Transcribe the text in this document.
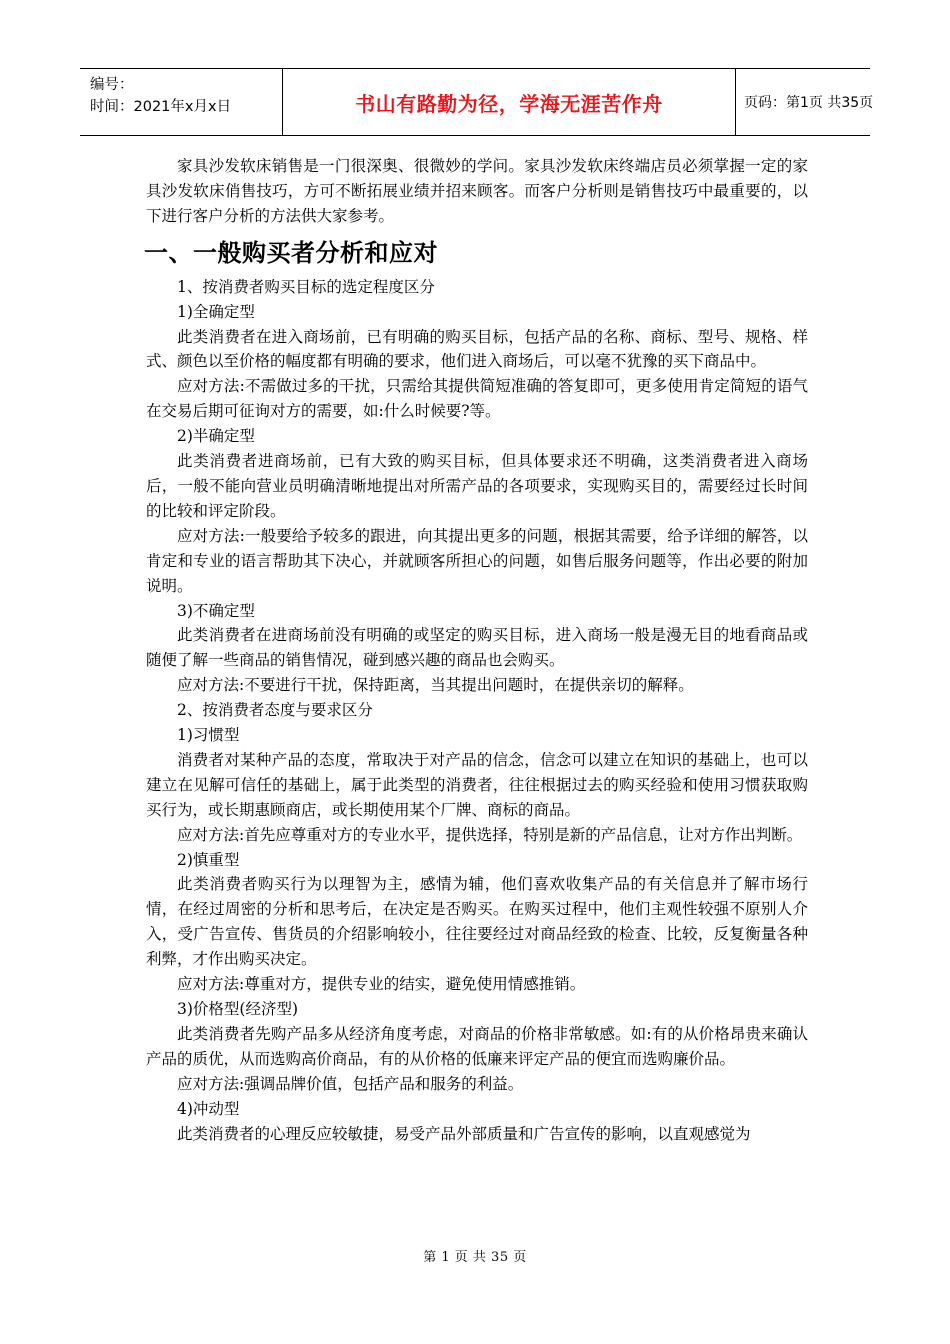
编号：
时间：2021年x月x日	书山有路勤为径，学海无涯苦作舟	页码：第1页 共35页

家具沙发软床销售是一门很深奥、很微妙的学问。家具沙发软床终端店员必须掌握一定的家具沙发软床俏售技巧，方可不断拓展业绩并招来顾客。而客户分析则是销售技巧中最重要的，以下进行客户分析的方法供大家参考。

一、一般购买者分析和应对

1、按消费者购买目标的选定程度区分

1)全确定型

此类消费者在进入商场前，已有明确的购买目标，包括产品的名称、商标、型号、规格、样式、颜色以至价格的幅度都有明确的要求，他们进入商场后，可以毫不犹豫的买下商品中。

应对方法:不需做过多的干扰，只需给其提供简短准确的答复即可，更多使用肯定简短的语气在交易后期可征询对方的需要，如:什么时候要?等。

2)半确定型

此类消费者进商场前，已有大致的购买目标，但具体要求还不明确，这类消费者进入商场后，一般不能向营业员明确清晰地提出对所需产品的各项要求，实现购买目的，需要经过长时间的比较和评定阶段。

应对方法:一般要给予较多的跟进，向其提出更多的问题，根据其需要，给予详细的解答，以肯定和专业的语言帮助其下决心，并就顾客所担心的问题，如售后服务问题等，作出必要的附加说明。

3)不确定型

此类消费者在进商场前没有明确的或坚定的购买目标，进入商场一般是漫无目的地看商品或随便了解一些商品的销售情况，碰到感兴趣的商品也会购买。

应对方法:不要进行干扰，保持距离，当其提出问题时，在提供亲切的解释。

2、按消费者态度与要求区分

1)习惯型

消费者对某种产品的态度，常取决于对产品的信念，信念可以建立在知识的基础上，也可以建立在见解可信任的基础上，属于此类型的消费者，往往根据过去的购买经验和使用习惯获取购买行为，或长期惠顾商店，或长期使用某个厂牌、商标的商品。

应对方法:首先应尊重对方的专业水平，提供选择，特别是新的产品信息，让对方作出判断。

2)慎重型

此类消费者购买行为以理智为主，感情为辅，他们喜欢收集产品的有关信息并了解市场行情，在经过周密的分析和思考后，在决定是否购买。在购买过程中，他们主观性较强不原别人介入，受广告宣传、售货员的介绍影响较小，往往要经过对商品经致的检查、比较，反复衡量各种利弊，才作出购买决定。

应对方法:尊重对方，提供专业的结实，避免使用情感推销。

3)价格型(经济型)

此类消费者先购产品多从经济角度考虑，对商品的价格非常敏感。如:有的从价格昂贵来确认产品的质优，从而选购高价商品，有的从价格的低廉来评定产品的便宜而选购廉价品。

应对方法:强调品牌价值，包括产品和服务的利益。

4)冲动型

此类消费者的心理反应较敏捷，易受产品外部质量和广告宣传的影响，以直观感觉为

第 1 页 共 35 页
